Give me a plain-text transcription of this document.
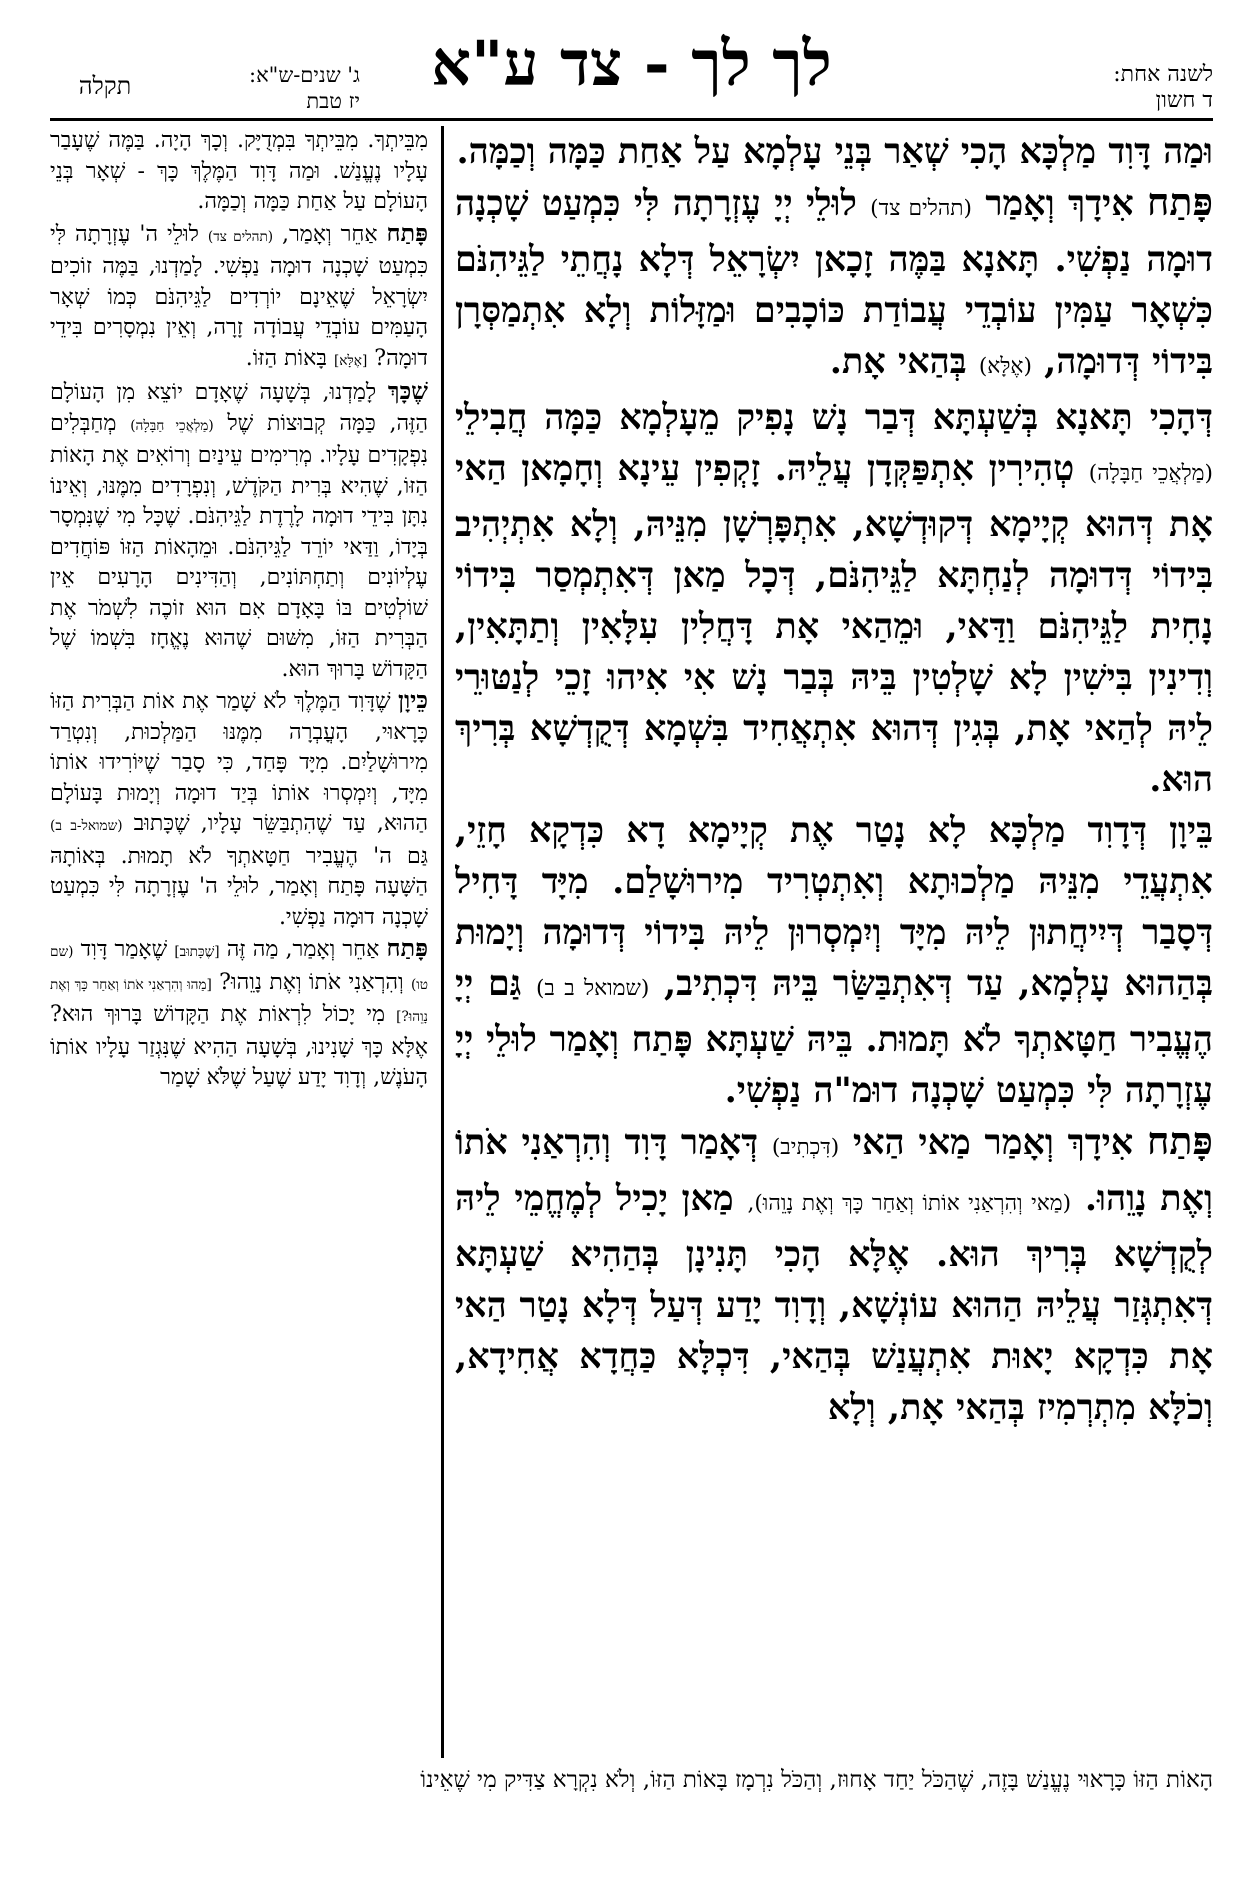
לשנה אחת:
ד חשון
לך לך - צד ע"א
ג' שנים-ש"א:
יז טבת
תקלה

וּמַה דָּוִד מַלְכָּא הָכִי שְׁאַר בְּנֵי עָלְמָא עַל אַחַת כַּמָּה וְכַמָּה.

פָּתַח אִידָךְ וְאָמַר (תהלים צד) לוּלֵי יְיָ עֶזְרָתָה לִּי כִּמְעַט שָׁכְנָה דוּמָה נַפְשִׁי. תָּאנָא בַּמֶּה זָכָאן יִשְׂרָאֵל דְּלָא נָחֲתֵי לַגֵּיהִנֹּם כִּשְׁאָר עַמִּין עוֹבְדֵי עֲבוֹדַת כּוֹכָבִים וּמַזָּלוֹת וְלָא אִתְמַסְּרָן בִּידוֹי דְּדוּמָה, (אֶלָּא) בְּהַאי אָת.

דְּהָכִי תָּאנָא בְּשַׁעְתָּא דְּבַר נָשׁ נָפִיק מֵעָלְמָא כַּמָּה חֲבִילֵי (מַלְאֲכֵי חַבָּלָה) טְהִירִין אִתְפַּקְּדָן עֲלֵיהּ. זָקְפִין עֵינָא וְחָמָאן הַאי אָת דְּהוּא קְיָימָא דְּקוּדְשָׁא, אִתְפָּרְשָׁן מִנֵּיהּ, וְלָא אִתְיְהִיב בִּידוֹי דְּדוּמָה לְנַחְתָּא לַגֵּיהִנֹּם, דְּכָל מַאן דְּאִתְמְסַר בִּידוֹי נָחִית לַגֵּיהִנֹּם וַדַּאי, וּמֵהַאי אָת דָּחֲלִין עִלָּאִין וְתַתָּאִין, וְדִינִין בִּישִׁין לָא שָׁלְטִין בֵּיהּ בְּבַר נָשׁ אִי אִיהוּ זָכֵי לְנַטּוּרֵי לֵיהּ לְהַאי אָת, בְּגִין דְּהוּא אִתְאֲחִיד בִּשְׁמָא דְּקֻדְשָׁא בְּרִיךְ הוּא.

בֵּיוָן דְּדָוִד מַלְכָּא לָא נָטַר אֶת קְיָימָא דָא כִּדְקָא חָזֵי, אִתְעֲדֵי מִנֵּיהּ מַלְכוּתָא וְאִתְטְרִיד מִירוּשָׁלַם. מִיָּד דָּחִיל דְּסָבַר דְּיִיחֲתוּן לֵיהּ מִיָּד וְיִמְסְרוּן לֵיהּ בִּידוֹי דְּדוּמָה וְיָמוּת בְּהַהוּא עָלְמָא, עַד דְּאִתְבַּשַּׂר בֵּיהּ דִּכְתִיב, (שמואל ב ב) גַּם יְיָ הֶעֱבִיר חַטָּאתְךָ לֹא תָּמוּת. בֵּיהּ שַׁעְתָּא פָּתַח וְאָמַר לוּלֵי יְיָ עֶזְרָתָה לִּי כִּמְעַט שָׁכְנָה דוּמ"ה נַפְשִׁי.

פָּתַח אִידָךְ וְאָמַר מַאי הַאי (דִּכְתִיב) דְּאָמַר דָּוִד וְהִרְאַנִי אֹתוֹ וְאֶת נָוֵהוּ. (מַאי וְהִרְאַנִי אוֹתוֹ וְאַחַר כָּךְ וְאֶת נָוֵהוּ), מַאן יָכִיל לְמֶחֱמֵי לֵיהּ לְקֻדְשָׁא בְּרִיךְ הוּא. אֶלָּא הָכִי תָּנִינָן בְּהַהִיא שַׁעְתָּא דְּאִתְגְּזַר עֲלֵיהּ הַהוּא עוֹנְשָׁא, וְדָוִד יָדַע דְּעַל דְּלָא נָטַר הַאי אָת כִּדְקָא יָאוּת אִתְעֲנַשׁ בְּהַאי, דִּכְלָּא כַּחֲדָא אֲחִידָא, וְכֹלָּא מִתְרְמִיז בְּהַאי אָת, וְלָא

מִבֵּיתְךָ. מִבֵּיתְךָ בִּמְדֻיָּק. וְכָךְ הָיָה. בַּמֶּה שֶׁעָבַר עָלָיו נֶעֱנַשׁ. וּמַה דָּוִד הַמֶּלֶךְ כָּךְ - שְׁאָר בְּנֵי הָעוֹלָם עַל אַחַת כַּמָּה וְכַמָּה.

פָּתַח אַחֵר וְאָמַר, (תהלים צד) לוּלֵי ה' עֶזְרָתָה לִּי כִּמְעַט שָׁכְנָה דוּמָה נַפְשִׁי. לָמַדְנוּ, בַּמֶּה זוֹכִים יִשְׂרָאֵל שֶׁאֵינָם יוֹרְדִים לַגֵּיהִנֹּם כְּמוֹ שְׁאָר הָעַמִּים עוֹבְדֵי עֲבוֹדָה זָרָה, וְאֵין נִמְסָרִים בִּידֵי דוּמָה? [אֶלָּא] בָּאוֹת הַזּוֹ.

שֶׁכָּךְ לָמַדְנוּ, בְּשָׁעָה שֶׁאָדָם יוֹצֵא מִן הָעוֹלָם הַזֶּה, כַּמָּה קְבוּצוֹת שֶׁל (מַלְאֲכֵי חַבָּלָה) מְחַבְּלִים נִפְקָדִים עָלָיו. מְרִימִים עֵינַיִם וְרוֹאִים אֶת הָאוֹת הַזּוֹ, שֶׁהִיא בְּרִית הַקֹּדֶשׁ, וְנִפְרָדִים מִמֶּנּוּ, וְאֵינוֹ נִתָּן בִּידֵי דוּמָה לָרֶדֶת לַגֵּיהִנֹּם. שֶׁכָּל מִי שֶׁנִּמְסָר בְּיָדוֹ, וַדַּאי יוֹרֵד לַגֵּיהִנֹּם. וּמֵהָאוֹת הַזּוֹ פּוֹחֲדִים עֶלְיוֹנִים וְתַחְתּוֹנִים, וְהַדִּינִים הָרָעִים אֵין שׁוֹלְטִים בּוֹ בָּאָדָם אִם הוּא זוֹכֶה לִשְׁמֹר אֶת הַבְּרִית הַזּוֹ, מִשּׁוּם שֶׁהוּא נֶאֱחָז בִּשְׁמוֹ שֶׁל הַקָּדוֹשׁ בָּרוּךְ הוּא.

כֵּיוָן שֶׁדָּוִד הַמֶּלֶךְ לֹא שָׁמַר אֶת אוֹת הַבְּרִית הַזּוֹ כָּרָאוּי, הָעֳבְרָה מִמֶּנּוּ הַמַּלְכוּת, וְנִטְרַד מִירוּשָׁלַיִם. מִיָּד פָּחַד, כִּי סָבַר שֶׁיּוֹרִידוּ אוֹתוֹ מִיָּד, וְיִמְסְרוּ אוֹתוֹ בְּיַד דוּמָה וְיָמוּת בָּעוֹלָם הַהוּא, עַד שֶׁהִתְבַּשֵּׂר עָלָיו, שֶׁכָּתוּב (שמואל-ב ב) גַּם ה' הֶעֱבִיר חַטָּאתְךָ לֹא תָמוּת. בְּאוֹתָהּ הַשָּׁעָה פָּתַח וְאָמַר, לוּלֵי ה' עֶזְרָתָה לִּי כִּמְעַט שָׁכְנָה דוּמָה נַפְשִׁי.

פָּתַח אַחֵר וְאָמַר, מַה זֶּה [שֶׁכָּתוּב] שֶׁאָמַר דָּוִד (שם טו) וְהִרְאַנִי אֹתוֹ וְאֶת נָוֵהוּ? [מַהוּ וְהִרְאַנִי אֹתוֹ וְאַחַר כָּךְ וְאֶת נָוֵהוּ?] מִי יָכוֹל לִרְאוֹת אֶת הַקָּדוֹשׁ בָּרוּךְ הוּא? אֶלָּא כָּךְ שָׁנִינוּ, בְּשָׁעָה הַהִיא שֶׁנִּגְזַר עָלָיו אוֹתוֹ הָעֹנֶשׁ, וְדָוִד יָדַע שֶׁעַל שֶׁלֹּא שָׁמַר

הָאוֹת הַזּוֹ כָּרָאוּי נֶעֱנַשׁ בָּזֶה, שֶׁהַכֹּל יַחַד אָחוּז, וְהַכֹּל נִרְמָז בָּאוֹת הַזּוֹ, וְלֹא נִקְרָא צַדִּיק מִי שֶׁאֵינוֹ
